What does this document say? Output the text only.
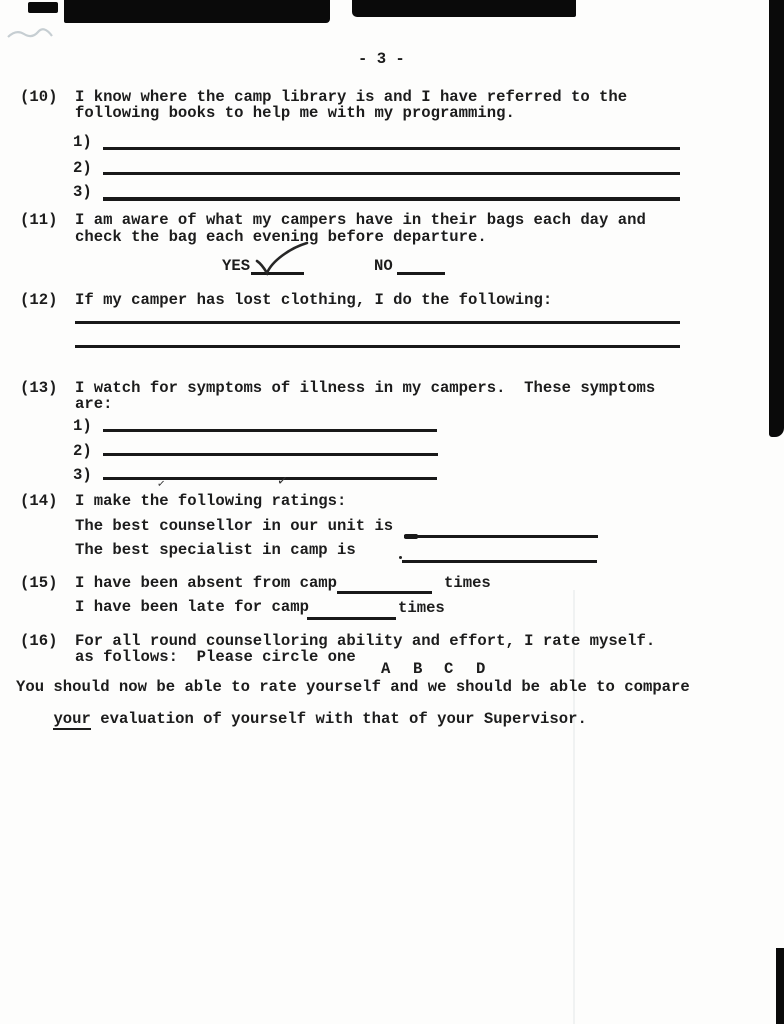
- 3 -
(10) I know where the camp library is and I have referred to the
following books to help me with my programming.
1)
2)
3)
(11) I am aware of what my campers have in their bags each day and
check the bag each evening before departure.
YES	NO
(12) If my camper has lost clothing, I do the following:
(13) I watch for symptoms of illness in my campers.  These symptoms
are:
1)
2)
3)
(14) I make the following ratings:
✓	✓
The best counsellor in our unit is
The best specialist in camp is
(15) I have been absent from camp	times
I have been late for camp	times
(16) For all round counselloring ability and effort, I rate myself.
as follows:  Please circle one
A B C D
You should now be able to rate yourself and we should be able to compare

your evaluation of yourself with that of your Supervisor.
